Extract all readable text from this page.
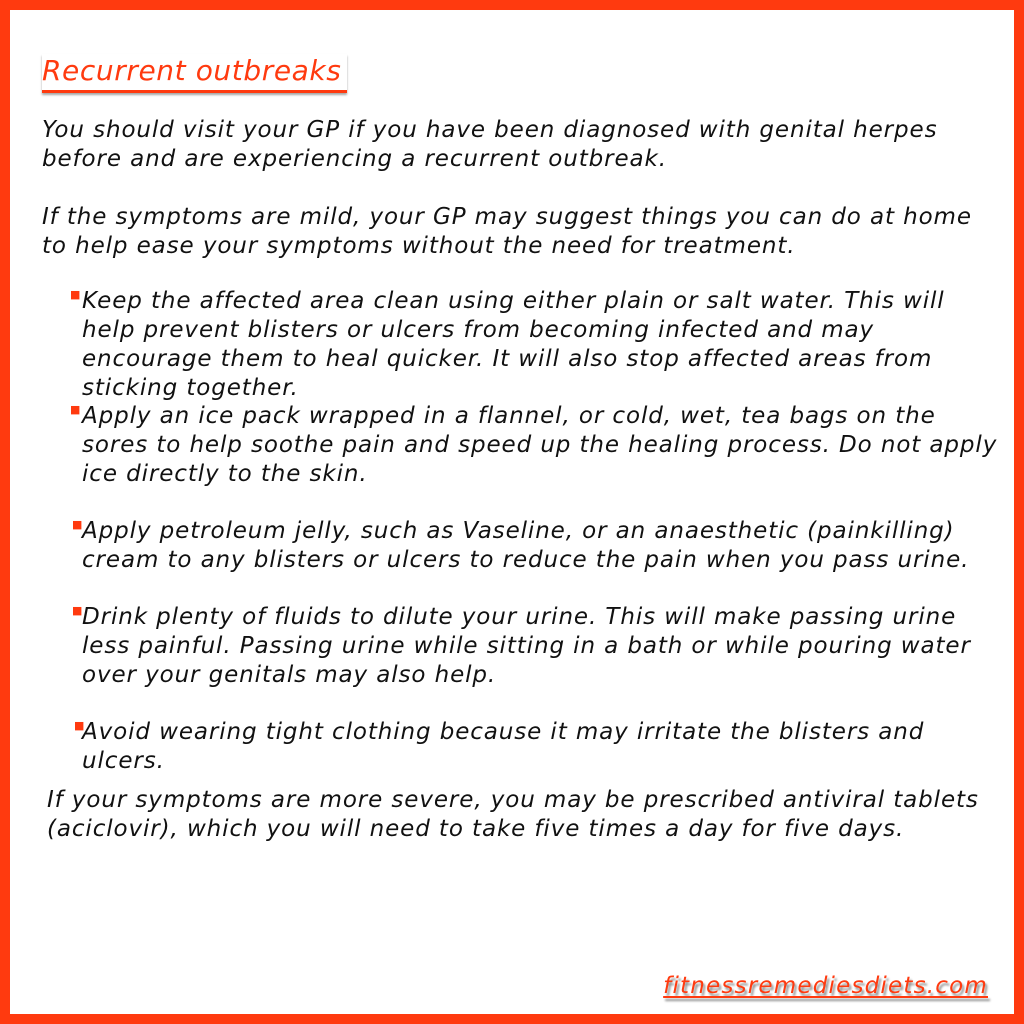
Recurrent outbreaks

You should visit your GP if you have been diagnosed with genital herpes before and are experiencing a recurrent outbreak.

If the symptoms are mild, your GP may suggest things you can do at home to help ease your symptoms without the need for treatment.

■ Keep the affected area clean using either plain or salt water. This will help prevent blisters or ulcers from becoming infected and may encourage them to heal quicker. It will also stop affected areas from sticking together.
■ Apply an ice pack wrapped in a flannel, or cold, wet, tea bags on the sores to help soothe pain and speed up the healing process. Do not apply ice directly to the skin.
■
Apply petroleum jelly, such as Vaseline, or an anaesthetic (painkilling) cream to any blisters or ulcers to reduce the pain when you pass urine.
■
Drink plenty of fluids to dilute your urine. This will make passing urine less painful. Passing urine while sitting in a bath or while pouring water over your genitals may also help.
■
Avoid wearing tight clothing because it may irritate the blisters and ulcers.

If your symptoms are more severe, you may be prescribed antiviral tablets (aciclovir), which you will need to take five times a day for five days.

fitnessremediesdiets.com
